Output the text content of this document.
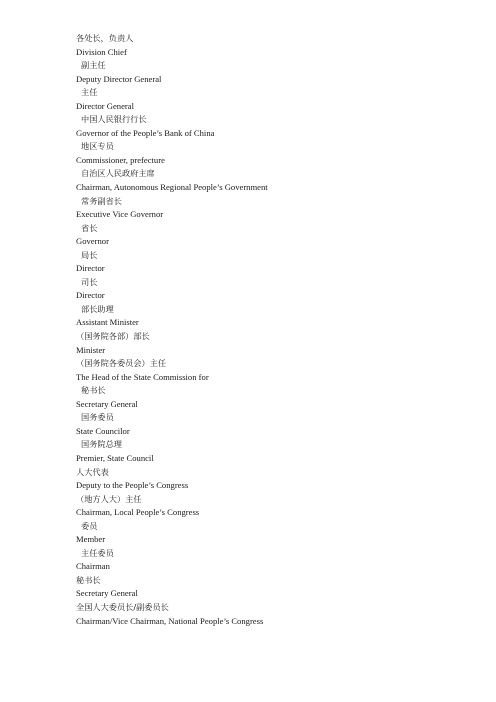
各处长，负责人
Division Chief
副主任
Deputy Director General
主任
Director General
中国人民银行行长
Governor of the People’s Bank of China
地区专员
Commissioner, prefecture
自治区人民政府主席
Chairman, Autonomous Regional People’s Government
常务副省长
Executive Vice Governor
省长
Governor
局长
Director
司长
Director
部长助理
Assistant Minister
（国务院各部）部长
Minister
（国务院各委员会）主任
The Head of the State Commission for
秘书长
Secretary General
国务委员
State Councilor
国务院总理
Premier, State Council
人大代表
Deputy to the People’s Congress
（地方人大）主任
Chairman, Local People’s Congress
委员
Member
主任委员
Chairman
秘书长
Secretary General
全国人大委员长/副委员长
Chairman/Vice Chairman, National People’s Congress
